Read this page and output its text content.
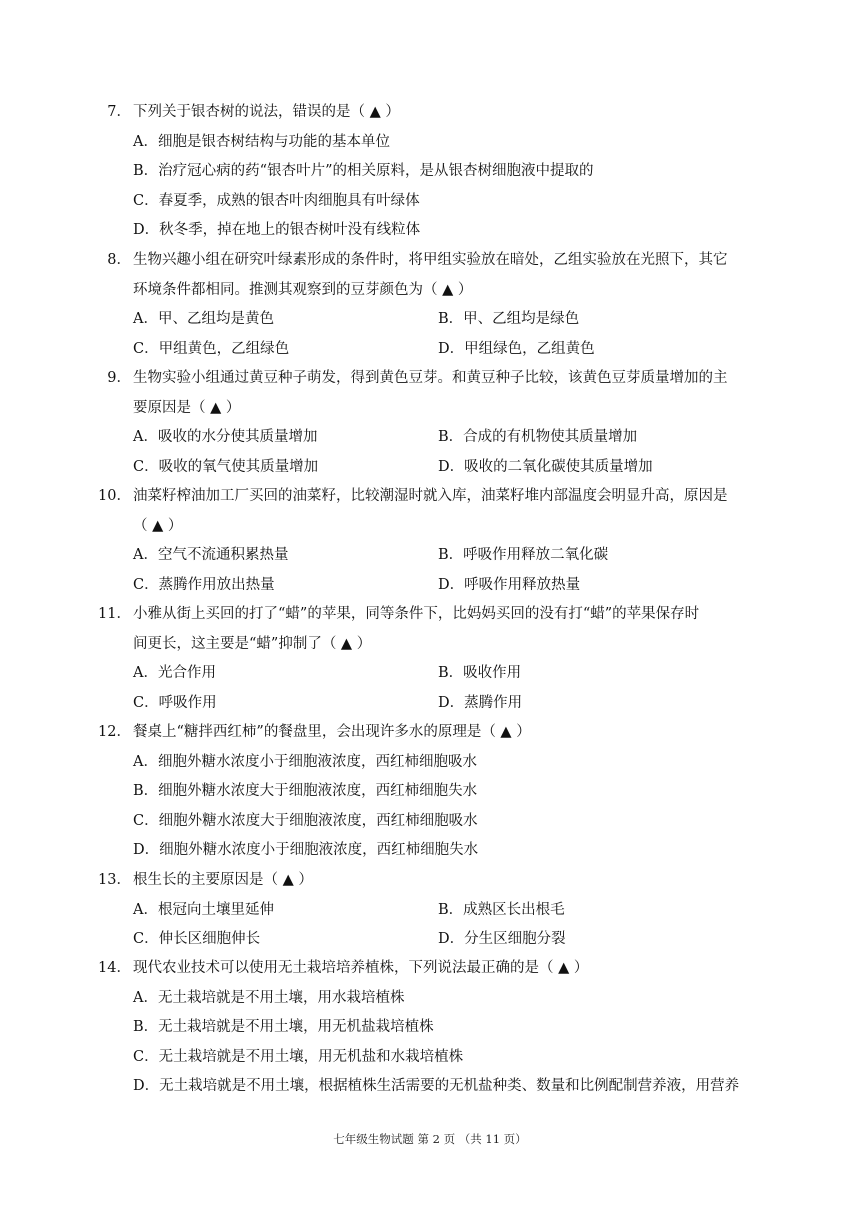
7． 下列关于银杏树的说法，错误的是（ ▲ ）
A．细胞是银杏树结构与功能的基本单位
B．治疗冠心病的药“银杏叶片”的相关原料，是从银杏树细胞液中提取的
C．春夏季，成熟的银杏叶肉细胞具有叶绿体
D．秋冬季，掉在地上的银杏树叶没有线粒体
8． 生物兴趣小组在研究叶绿素形成的条件时，将甲组实验放在暗处，乙组实验放在光照下，其它
环境条件都相同。推测其观察到的豆芽颜色为（ ▲ ）
A．甲、乙组均是黄色	B．甲、乙组均是绿色
C．甲组黄色，乙组绿色	D．甲组绿色，乙组黄色
9． 生物实验小组通过黄豆种子萌发，得到黄色豆芽。和黄豆种子比较，该黄色豆芽质量增加的主
要原因是（ ▲ ）
A．吸收的水分使其质量增加	B．合成的有机物使其质量增加
C．吸收的氧气使其质量增加	D．吸收的二氧化碳使其质量增加
10． 油菜籽榨油加工厂买回的油菜籽，比较潮湿时就入库，油菜籽堆内部温度会明显升高，原因是
（ ▲ ）
A．空气不流通积累热量	B．呼吸作用释放二氧化碳
C．蒸腾作用放出热量	D．呼吸作用释放热量
11． 小雅从街上买回的打了“蜡”的苹果，同等条件下，比妈妈买回的没有打“蜡”的苹果保存时
间更长，这主要是“蜡”抑制了（ ▲ ）
A．光合作用	B．吸收作用
C．呼吸作用	D．蒸腾作用
12． 餐桌上“糖拌西红柿”的餐盘里，会出现许多水的原理是（ ▲ ）
A．细胞外糖水浓度小于细胞液浓度，西红柿细胞吸水
B．细胞外糖水浓度大于细胞液浓度，西红柿细胞失水
C．细胞外糖水浓度大于细胞液浓度，西红柿细胞吸水
D．细胞外糖水浓度小于细胞液浓度，西红柿细胞失水
13． 根生长的主要原因是（ ▲ ）
A．根冠向土壤里延伸	B．成熟区长出根毛
C．伸长区细胞伸长	D．分生区细胞分裂
14． 现代农业技术可以使用无土栽培培养植株，下列说法最正确的是（ ▲ ）
A．无土栽培就是不用土壤，用水栽培植株
B．无土栽培就是不用土壤，用无机盐栽培植株
C．无土栽培就是不用土壤，用无机盐和水栽培植株
D．无土栽培就是不用土壤，根据植株生活需要的无机盐种类、数量和比例配制营养液，用营养
七年级生物试题 第 2 页 （共 11 页）
